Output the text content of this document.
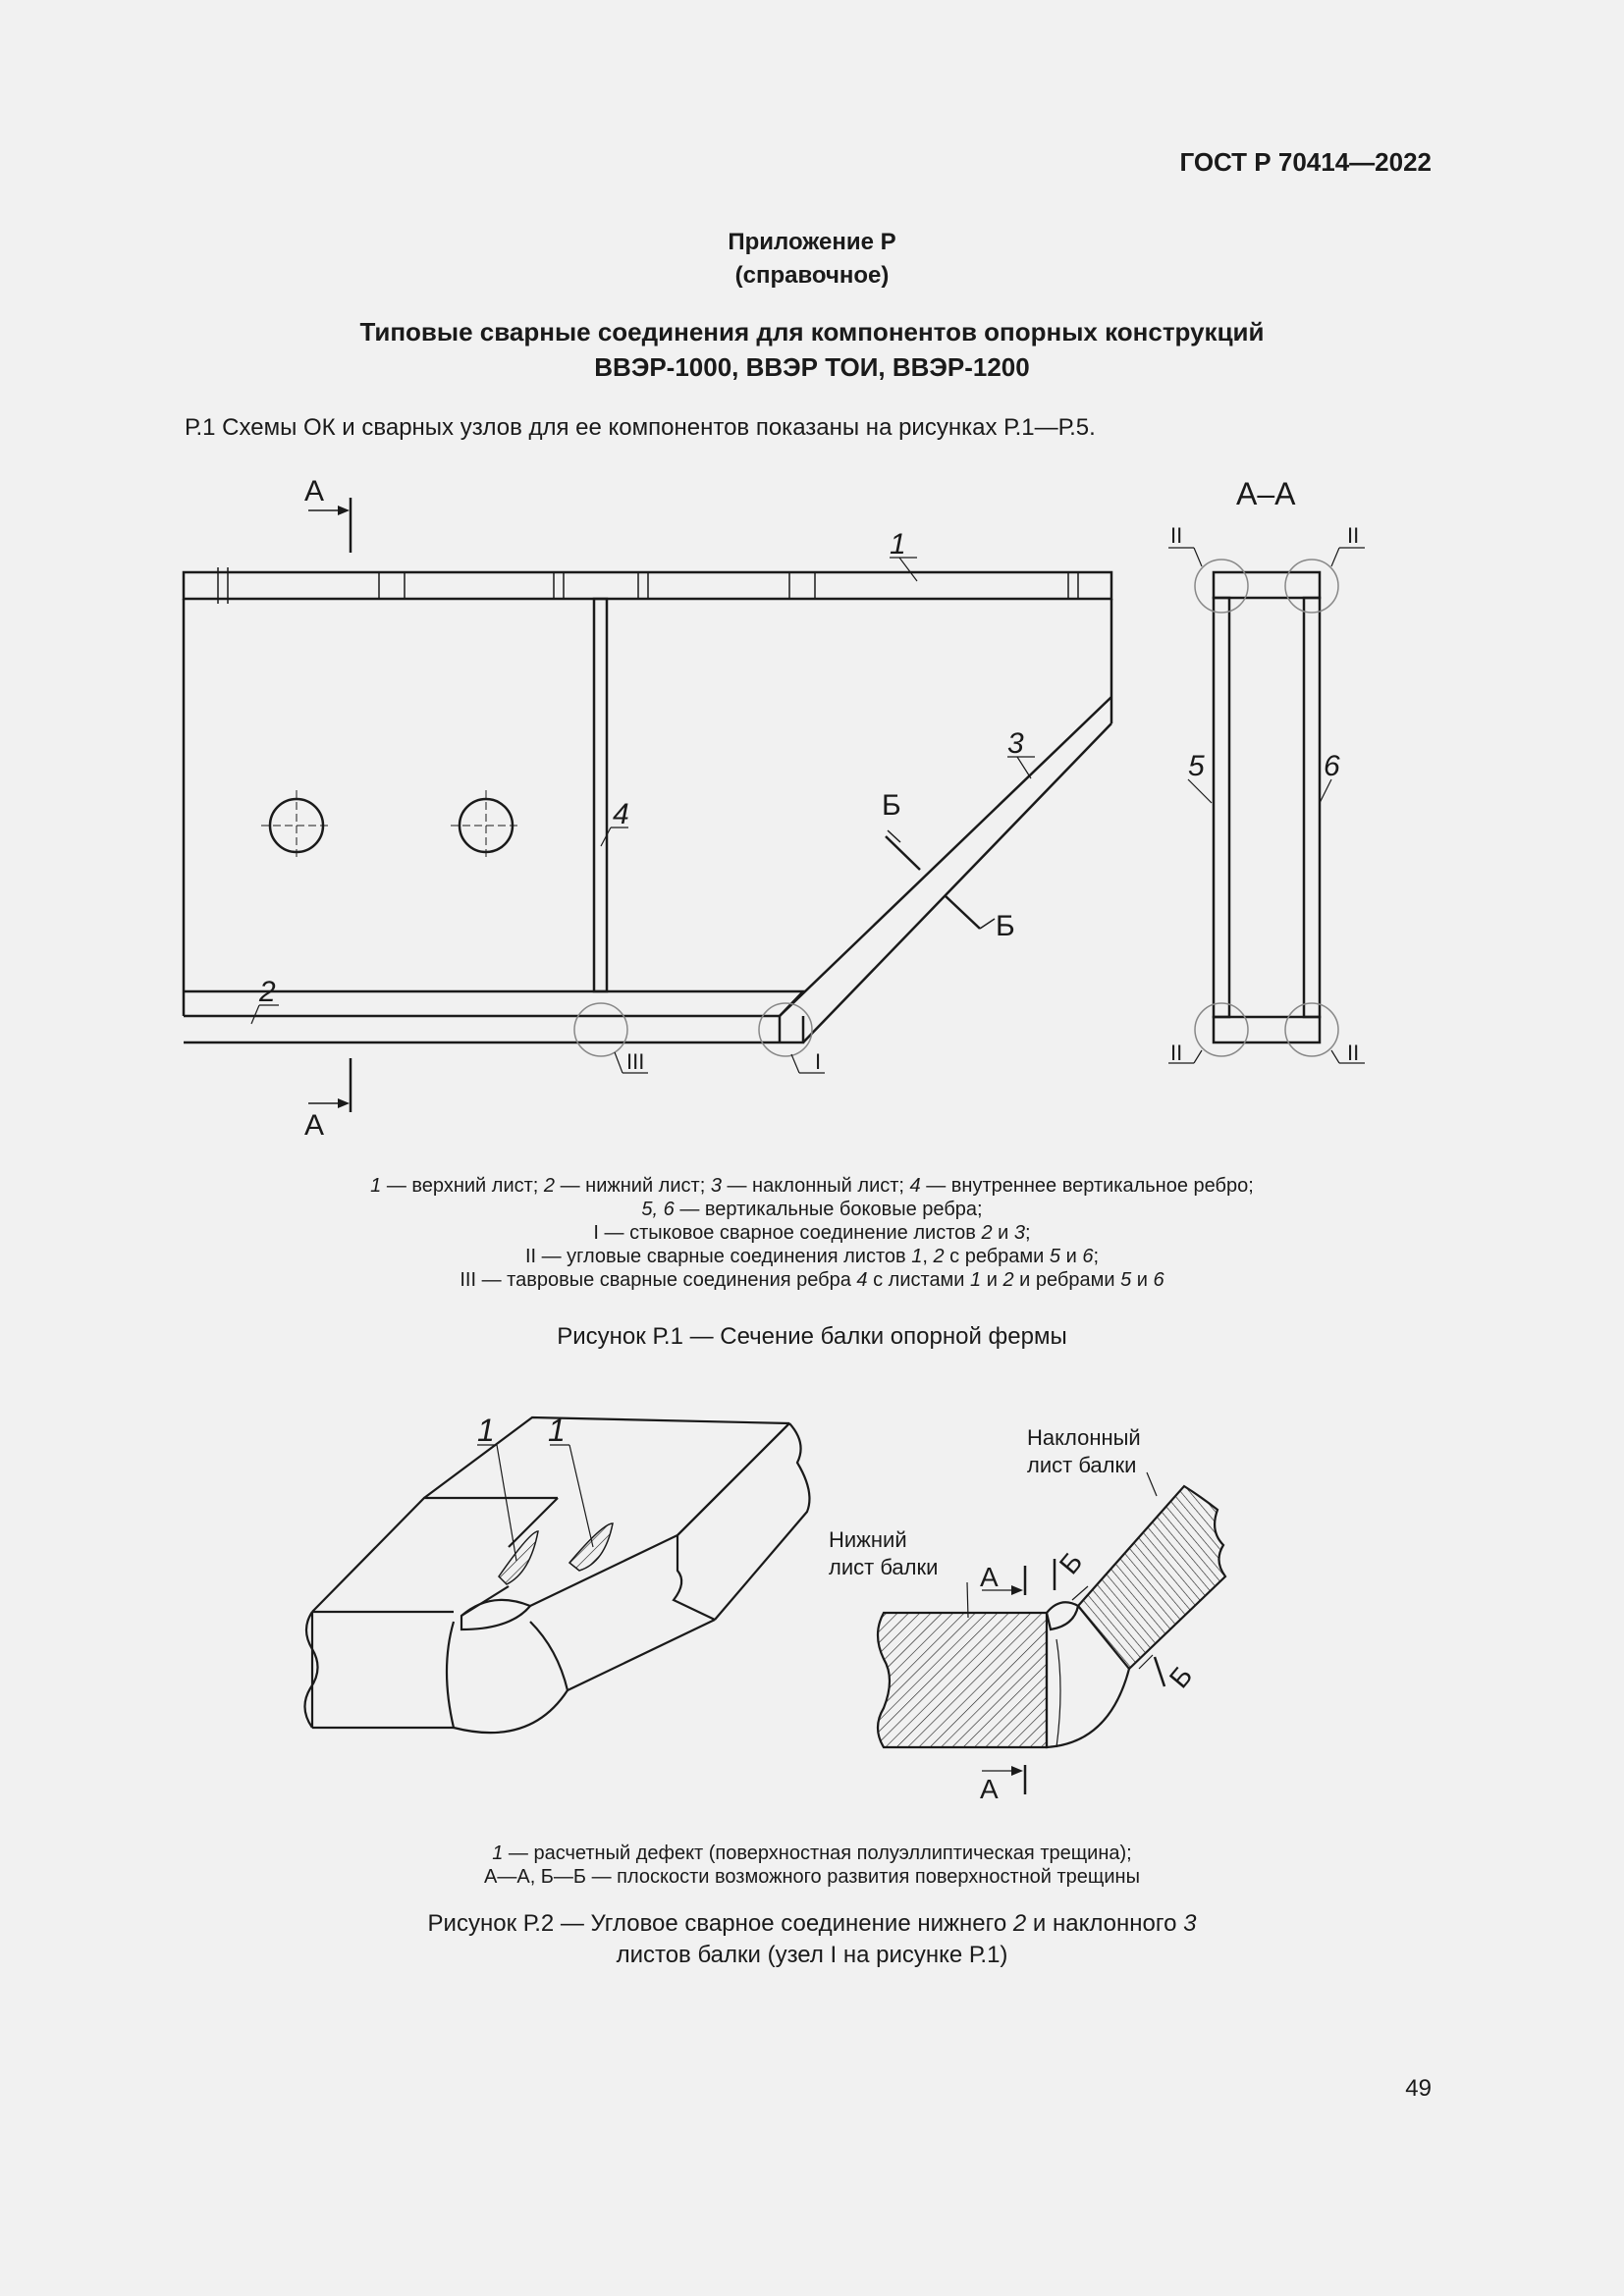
ГОСТ Р 70414—2022
Приложение Р
(справочное)
Типовые сварные соединения для компонентов опорных конструкций
ВВЭР-1000, ВВЭР ТОИ, ВВЭР-1200
Р.1 Схемы ОК и сварных узлов для ее компонентов показаны на рисунках Р.1—Р.5.
А
А
Б
Б
1
3
4
2
III	I
А–А
II	II
II	II
5	6
1 — верхний лист; 2 — нижний лист; 3 — наклонный лист; 4 — внутреннее вертикальное ребро;
5, 6 — вертикальные боковые ребра;
I — стыковое сварное соединение листов 2 и 3;
II — угловые сварные соединения листов 1, 2 с ребрами 5 и 6;
III — тавровые сварные соединения ребра 4 с листами 1 и 2 и ребрами 5 и 6
Рисунок Р.1 — Сечение балки опорной фермы
1 1
А
А
Б
Б
Наклонный
лист балки
Нижний
лист балки
1 — расчетный дефект (поверхностная полуэллиптическая трещина);
А—А, Б—Б — плоскости возможного развития поверхностной трещины
Рисунок Р.2 — Угловое сварное соединение нижнего 2 и наклонного 3
листов балки (узел I на рисунке Р.1)
49
